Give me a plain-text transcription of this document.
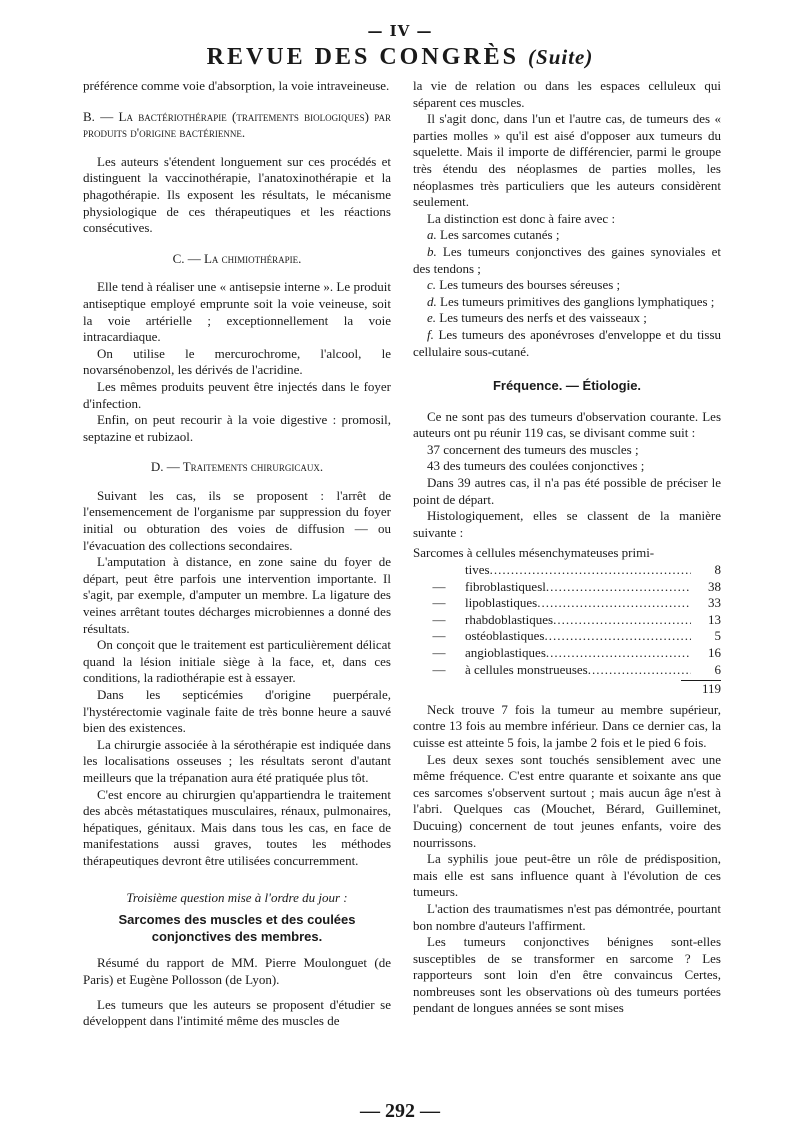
— IV —
REVUE DES CONGRÈS (Suite)

préférence comme voie d'absorption, la voie intraveineuse.

B. — La bactériothérapie (traitements biologiques) par produits d'origine bactérienne.

Les auteurs s'étendent longuement sur ces procédés et distinguent la vaccinothérapie, l'anatoxinothérapie et la phagothérapie. Ils exposent les résultats, le mécanisme physiologique de ces thérapeutiques et les réactions consécutives.

C. — La chimiothérapie.

Elle tend à réaliser une « antisepsie interne ». Le produit antiseptique employé emprunte soit la voie veineuse, soit la voie artérielle ; exceptionnellement la voie intracardiaque.

On utilise le mercurochrome, l'alcool, le novarsénobenzol, les dérivés de l'acridine.

Les mêmes produits peuvent être injectés dans le foyer d'infection.

Enfin, on peut recourir à la voie digestive : promosil, septazine et rubizaol.

D. — Traitements chirurgicaux.

Suivant les cas, ils se proposent : l'arrêt de l'ensemencement de l'organisme par suppression du foyer initial ou obturation des voies de diffusion — ou l'évacuation des collections secondaires.

L'amputation à distance, en zone saine du foyer de départ, peut être parfois une intervention importante. Il s'agit, par exemple, d'amputer un membre. La ligature des veines arrêtant toutes décharges microbiennes a donné des résultats.

On conçoit que le traitement est particulièrement délicat quand la lésion initiale siège à la face, et, dans ces conditions, la radiothérapie est à essayer.

Dans les septicémies d'origine puerpérale, l'hystérectomie vaginale faite de très bonne heure a sauvé bien des existences.

La chirurgie associée à la sérothérapie est indiquée dans les localisations osseuses ; les résultats seront d'autant meilleurs que la trépanation aura été pratiquée plus tôt.

C'est encore au chirurgien qu'appartiendra le traitement des abcès métastatiques musculaires, rénaux, pulmonaires, hépatiques, génitaux. Mais dans tous les cas, en face de manifestations aussi graves, toutes les méthodes thérapeutiques devront être utilisées concurremment.

Troisième question mise à l'ordre du jour :

Sarcomes des muscles et des coulées conjonctives des membres.

Résumé du rapport de MM. Pierre Moulonguet (de Paris) et Eugène Pollosson (de Lyon).

Les tumeurs que les auteurs se proposent d'étudier se développent dans l'intimité même des muscles de

la vie de relation ou dans les espaces celluleux qui séparent ces muscles.

Il s'agit donc, dans l'un et l'autre cas, de tumeurs des « parties molles » qu'il est aisé d'opposer aux tumeurs du squelette. Mais il importe de différencier, parmi le groupe très étendu des néoplasmes de parties molles, les néoplasmes très particuliers que les auteurs considèrent seulement.

La distinction est donc à faire avec :

a. Les sarcomes cutanés ;

b. Les tumeurs conjonctives des gaines synoviales et des tendons ;

c. Les tumeurs des bourses séreuses ;

d. Les tumeurs primitives des ganglions lymphatiques ;

e. Les tumeurs des nerfs et des vaisseaux ;

f. Les tumeurs des aponévroses d'enveloppe et du tissu cellulaire sous-cutané.

Fréquence. — Étiologie.

Ce ne sont pas des tumeurs d'observation courante. Les auteurs ont pu réunir 119 cas, se divisant comme suit :

37 concernent des tumeurs des muscles ;

43 des tumeurs des coulées conjonctives ;

Dans 39 autres cas, il n'a pas été possible de préciser le point de départ.

Histologiquement, elles se classent de la manière suivante :

Sarcomes à cellules mésenchymateuses primi-

tives .....	8
—	fibroblastiquesl .....	38
—	lipoblastiques .....	33
—	rhabdoblastiques .....	13
—	ostéoblastiques .....	5
—	angioblastiques .....	16
—	à cellules monstrueuses .....	6
119

Neck trouve 7 fois la tumeur au membre supérieur, contre 13 fois au membre inférieur. Dans ce dernier cas, la cuisse est atteinte 5 fois, la jambe 2 fois et le pied 6 fois.

Les deux sexes sont touchés sensiblement avec une même fréquence. C'est entre quarante et soixante ans que ces sarcomes s'observent surtout ; mais aucun âge n'est à l'abri. Quelques cas (Mouchet, Bérard, Guilleminet, Ducuing) concernent de tout jeunes enfants, voire des nourrissons.

La syphilis joue peut-être un rôle de prédisposition, mais elle est sans influence quant à l'évolution de ces tumeurs.

L'action des traumatismes n'est pas démontrée, pourtant bon nombre d'auteurs l'affirment.

Les tumeurs conjonctives bénignes sont-elles susceptibles de se transformer en sarcome ? Les rapporteurs sont loin d'en être convaincus Certes, nombreuses sont les observations où des tumeurs portées pendant de longues années se sont mises

— 292 —
